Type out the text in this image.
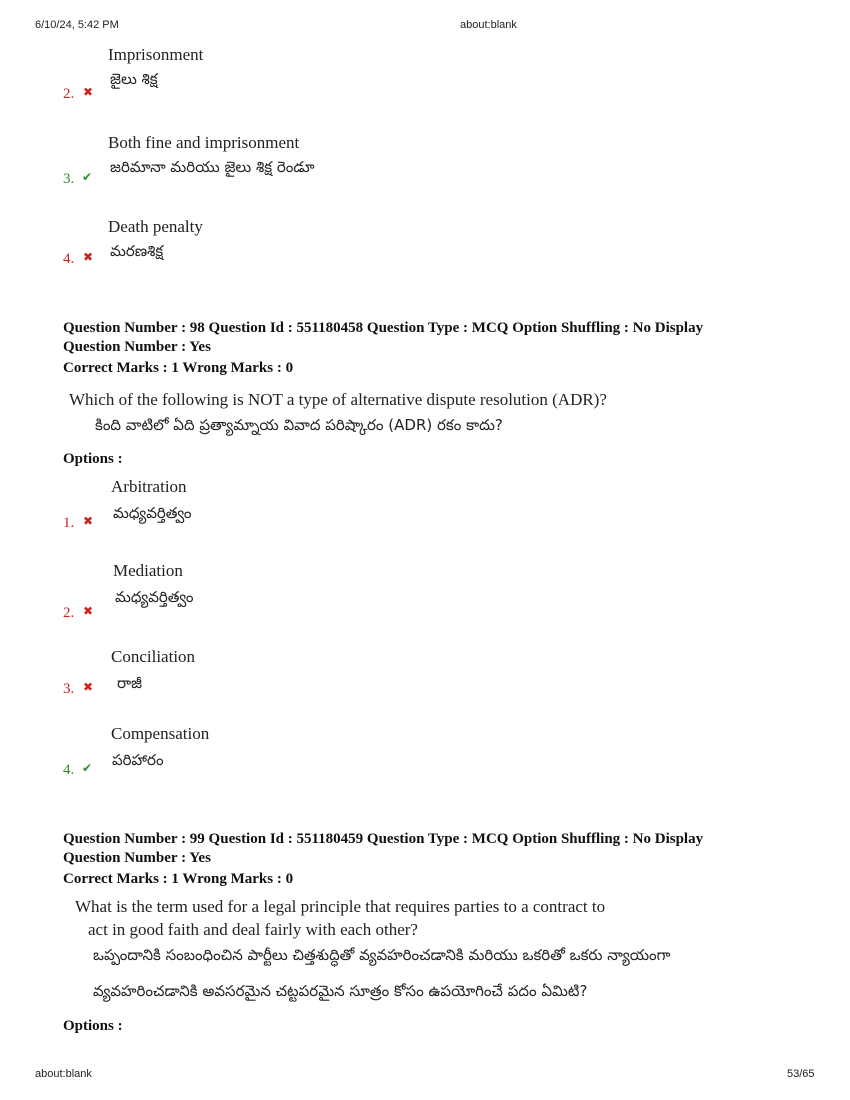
6/10/24, 5:42 PM	about:blank
Imprisonment
జైలు శిక్ష
2. ✖
Both fine and imprisonment
జరిమానా మరియు జైలు శిక్ష రెండూ
3. ✔
Death penalty
మరణశిక్ష
4. ✖
Question Number : 98 Question Id : 551180458 Question Type : MCQ Option Shuffling : No Display
Question Number : Yes
Correct Marks : 1 Wrong Marks : 0
Which of the following is NOT a type of alternative dispute resolution (ADR)?
కింది వాటిలో ఏది ప్రత్యామ్నాయ వివాద పరిష్కారం (ADR) రకం కాదు?
Options :
Arbitration
మధ్యవర్తిత్వం
1. ✖
Mediation
మధ్యవర్తిత్వం
2. ✖
Conciliation
రాజీ
3. ✖
Compensation
పరిహారం
4. ✔
Question Number : 99 Question Id : 551180459 Question Type : MCQ Option Shuffling : No Display
Question Number : Yes
Correct Marks : 1 Wrong Marks : 0
What is the term used for a legal principle that requires parties to a contract to
act in good faith and deal fairly with each other?
ఒప్పందానికి సంబంధించిన పార్టీలు చిత్తశుద్ధితో వ్యవహరించడానికి మరియు ఒకరితో ఒకరు న్యాయంగా
వ్యవహరించడానికి అవసరమైన చట్టపరమైన సూత్రం కోసం ఉపయోగించే పదం ఏమిటి?
Options :
about:blank	53/65
